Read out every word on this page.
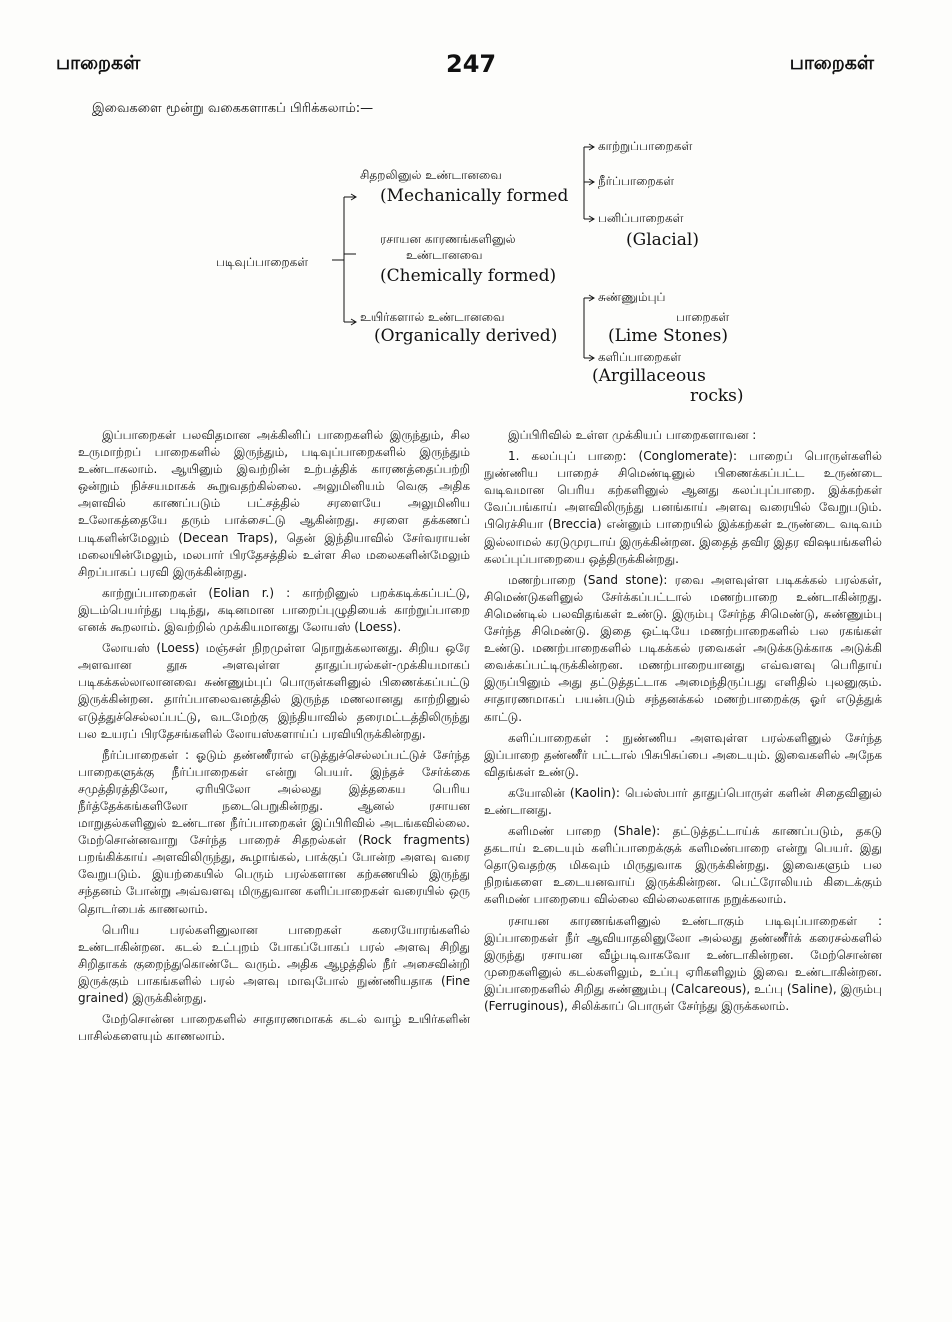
பாறைகள்	247	பாறைகள்
இவைகளை மூன்று வகைகளாகப் பிரிக்கலாம்:—
படிவுப்பாறைகள்
சிதறலினுல் உண்டானவை
(Mechanically formed
காற்றுப்பாறைகள்
நீர்ப்பாறைகள்
பனிப்பாறைகள்
(Glacial)
ரசாயன காரணங்களினுல்
உண்டானவை
(Chemically formed)
உயிர்களால் உண்டானவை
(Organically derived)
சுண்ணும்புப்
பாறைகள்
(Lime Stones)
களிப்பாறைகள்
(Argillaceous
rocks)

இப்பாறைகள் பலவிதமான அக்கினிப் பாறைகளில் இருந்தும், சில உருமாற்றப் பாறைகளில் இருந்தும், படிவுப்பாறைகளில் இருந்தும் உண்டாகலாம். ஆயினும் இவற்றின் உற்பத்திக் காரணத்தைப்பற்றி ஒன்றும் நிச்சயமாகக் கூறுவதற்கில்லை. அலுமினியம் வெகு அதிக அளவில் காணப்படும் பட்சத்தில் சரளையே அலுமினிய உலோகத்தையே தரும் பாக்சைட்டு ஆகின்றது. சரளை தக்கணப் படிகளின்மேலும் (Decean Traps), தென் இந்தியாவில் சேர்வராயன் மலையின்மேலும், மலபார் பிரதேசத்தில் உள்ள சில மலைகளின்மேலும் சிறப்பாகப் பரவி இருக்கின்றது.

காற்றுப்பாறைகள் (Eolian r.) : காற்றினுல் பறக்கடிக்கப்பட்டு, இடம்பெயர்ந்து படிந்து, கடினமான பாறைப்புழுதியைக் காற்றுப்பாறை எனக் கூறலாம். இவற்றில் முக்கியமானது லோயஸ் (Loess).

லோயஸ் (Loess) மஞ்சள் நிறமுள்ள நொறுக்கலானது. சிறிய ஒரே அளவான தூசு அளவுள்ள தாதுப்பரல்கள்-முக்கியமாகப் படிகக்கல்லாலானவை சுண்ணும்புப் பொருள்களினுல் பிணைக்கப்பட்டு இருக்கின்றன. தார்ப்பாலைவனத்தில் இருந்த மணலானது காற்றினுல் எடுத்துச்செல்லப்பட்டு, வடமேற்கு இந்தியாவில் தரைமட்டத்திலிருந்து பல உயரப் பிரதேசங்களில் லோயஸ்களாய்ப் பரவியிருக்கின்றது.

நீர்ப்பாறைகள் : ஓடும் தண்ணீரால் எடுத்துச்செல்லப்பட்டுச் சேர்ந்த பாறைகளுக்கு நீர்ப்பாறைகள் என்று பெயர். இந்தச் சேர்க்கை சமுத்திரத்திலோ, ஏரியிலோ அல்லது இத்தகைய பெரிய நீர்த்தேக்கங்களிலோ நடைபெறுகின்றது. ஆனல் ரசாயன மாறுதல்களினுல் உண்டான நீர்ப்பாறைகள் இப்பிரிவில் அடங்கவில்லை. மேற்சொன்னவாறு சேர்ந்த பாறைச் சிதறல்கள் (Rock fragments) பறங்கிக்காய் அளவிலிருந்து, கூழாங்கல், பாக்குப் போன்ற அளவு வரை வேறுபடும். இயற்கையில் பெரும் பரல்களான கற்சுணயில் இருந்து சந்தனம் போன்று அவ்வளவு மிருதுவான களிப்பாறைகள் வரையில் ஒரு தொடர்பைக் காணலாம்.

பெரிய பரல்களினுலான பாறைகள் கரையோரங்களில் உண்டாகின்றன. கடல் உட்புறம் போகப்போகப் பரல் அளவு சிறிது சிறிதாகக் குறைந்துகொண்டே வரும். அதிக ஆழத்தில் நீர் அசைவின்றி இருக்கும் பாகங்களில் பரல் அளவு மாவுபோல் நுண்ணியதாக (Fine grained) இருக்கின்றது.

மேற்சொன்ன பாறைகளில் சாதாரணமாகக் கடல் வாழ் உயிர்களின் பாசில்களையும் காணலாம்.

இப்பிரிவில் உள்ள முக்கியப் பாறைகளாவன :

1. கலப்புப் பாறை: (Conglomerate): பாறைப் பொருள்களில் நுண்ணிய பாறைச் சிமெண்டினுல் பிணைக்கப்பட்ட உருண்டை வடிவமான பெரிய கற்களினுல் ஆனது கலப்புப்பாறை. இக்கற்கள் வேப்பங்காய் அளவிலிருந்து பனங்காய் அளவு வரையில் வேறுபடும். பிரெச்சியா (Breccia) என்னும் பாறையில் இக்கற்கள் உருண்டை வடிவம் இல்லாமல் கரடுமுரடாய் இருக்கின்றன. இதைத் தவிர இதர விஷயங்களில் கலப்புப்பாறையை ஒத்திருக்கின்றது.

மணற்பாறை (Sand stone): ரவை அளவுள்ள படிகக்கல் பரல்கள், சிமெண்டுகளினுல் சேர்க்கப்பட்டால் மணற்பாறை உண்டாகின்றது. சிமெண்டில் பலவிதங்கள் உண்டு. இரும்பு சேர்ந்த சிமெண்டு, சுண்ணும்பு சேர்ந்த சிமெண்டு. இதை ஒட்டியே மணற்பாறைகளில் பல ரகங்கள் உண்டு. மணற்பாறைகளில் படிகக்கல் ரவைகள் அடுக்கடுக்காக அடுக்கி வைக்கப்பட்டிருக்கின்றன. மணற்பாறையானது எவ்வளவு பெரிதாய் இருப்பினும் அது தட்டுத்தட்டாக அமைந்திருப்பது எளிதில் புலனுகும். சாதாரணமாகப் பயன்படும் சந்தனக்கல் மணற்பாறைக்கு ஓர் எடுத்துக் காட்டு.

களிப்பாறைகள் : நுண்ணிய அளவுள்ள பரல்களினுல் சேர்ந்த இப்பாறை தண்ணீர் பட்டால் பிசுபிசுப்பை அடையும். இவைகளில் அநேக விதங்கள் உண்டு.

கயோலின் (Kaolin): பெல்ஸ்பார் தாதுப்பொருள் களின் சிதைவினுல் உண்டானது.

களிமண் பாறை (Shale): தட்டுத்தட்டாய்க் காணப்படும், தகடு தகடாய் உடையும் களிப்பாறைக்குக் களிமண்பாறை என்று பெயர். இது தொடுவதற்கு மிகவும் மிருதுவாக இருக்கின்றது. இவைகளும் பல நிறங்களை உடையனவாய் இருக்கின்றன. பெட்ரோலியம் கிடைக்கும் களிமண் பாறையை வில்லை வில்லைகளாக நறுக்கலாம்.

ரசாயன காரணங்களினுல் உண்டாகும் படிவுப்பாறைகள் : இப்பாறைகள் நீர் ஆவியாதலினுலோ அல்லது தண்ணீர்க் கரைசல்களில் இருந்து ரசாயன வீழ்படிவாகவோ உண்டாகின்றன. மேற்சொன்ன முறைகளினுல் கடல்களிலும், உப்பு ஏரிகளிலும் இவை உண்டாகின்றன. இப்பாறைகளில் சிறிது சுண்ணும்பு (Calcareous), உப்பு (Saline), இரும்பு (Ferruginous), சிலிக்காப் பொருள் சேர்ந்து இருக்கலாம்.
